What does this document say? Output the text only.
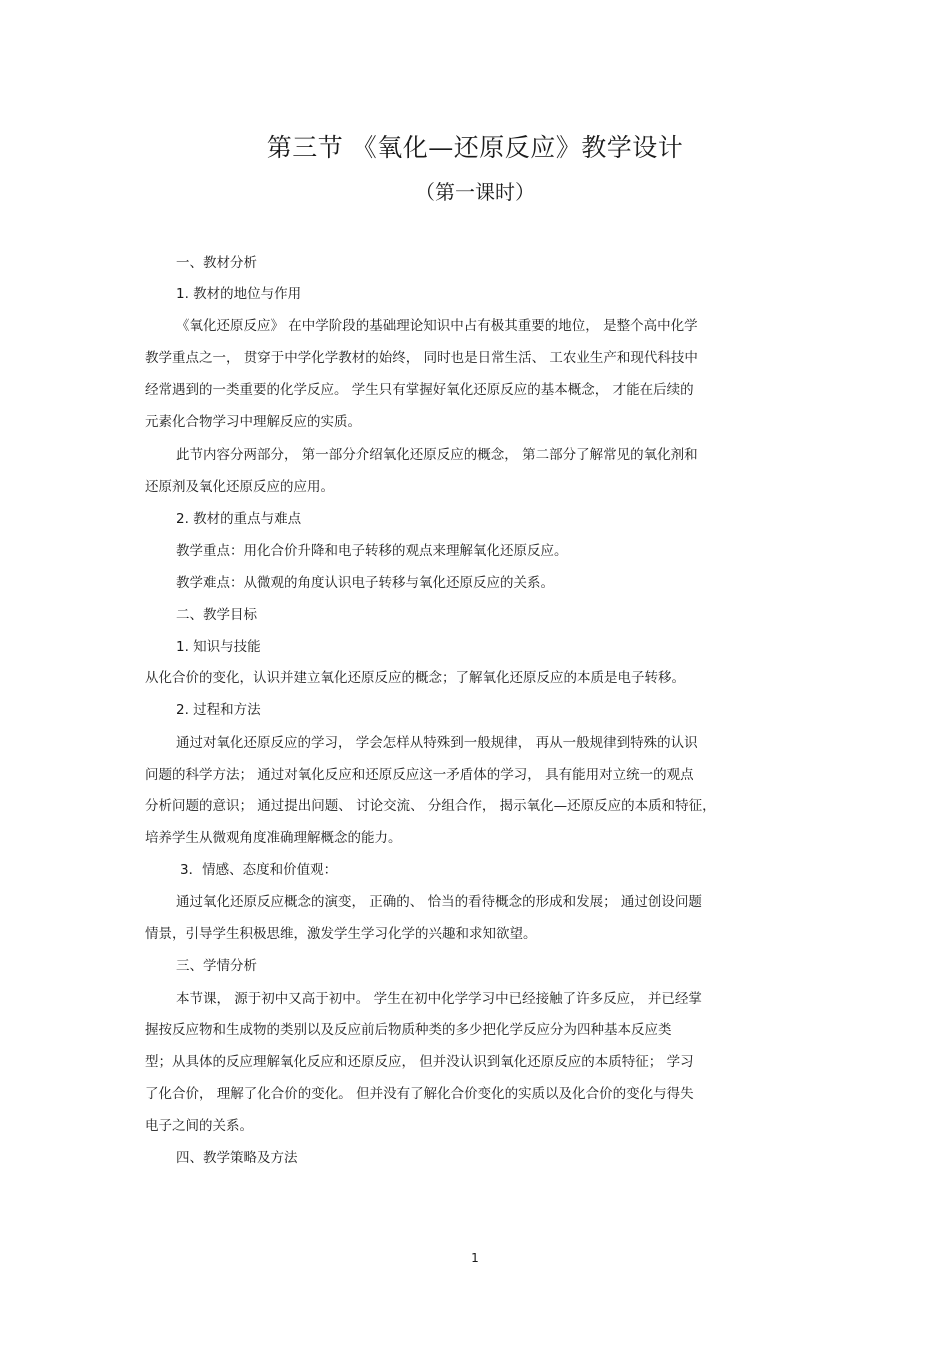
第三节 《氧化—还原反应》教学设计
（第一课时）

一、教材分析

1. 教材的地位与作用

《氧化还原反应》 在中学阶段的基础理论知识中占有极其重要的地位， 是整个高中化学

教学重点之一， 贯穿于中学化学教材的始终， 同时也是日常生活、 工农业生产和现代科技中

经常遇到的一类重要的化学反应。 学生只有掌握好氧化还原反应的基本概念， 才能在后续的

元素化合物学习中理解反应的实质。

此节内容分两部分， 第一部分介绍氧化还原反应的概念， 第二部分了解常见的氧化剂和

还原剂及氧化还原反应的应用。

2. 教材的重点与难点

教学重点：用化合价升降和电子转移的观点来理解氧化还原反应。

教学难点：从微观的角度认识电子转移与氧化还原反应的关系。

二、教学目标

1. 知识与技能

从化合价的变化，认识并建立氧化还原反应的概念；了解氧化还原反应的本质是电子转移。

2. 过程和方法

通过对氧化还原反应的学习， 学会怎样从特殊到一般规律， 再从一般规律到特殊的认识

问题的科学方法； 通过对氧化反应和还原反应这一矛盾体的学习， 具有能用对立统一的观点

分析问题的意识； 通过提出问题、 讨论交流、 分组合作， 揭示氧化—还原反应的本质和特征，

培养学生从微观角度准确理解概念的能力。

3．情感、态度和价值观：

通过氧化还原反应概念的演变， 正确的、 恰当的看待概念的形成和发展； 通过创设问题

情景，引导学生积极思维，激发学生学习化学的兴趣和求知欲望。

三、学情分析

本节课， 源于初中又高于初中。 学生在初中化学学习中已经接触了许多反应， 并已经掌

握按反应物和生成物的类别以及反应前后物质种类的多少把化学反应分为四种基本反应类

型；从具体的反应理解氧化反应和还原反应， 但并没认识到氧化还原反应的本质特征； 学习

了化合价， 理解了化合价的变化。 但并没有了解化合价变化的实质以及化合价的变化与得失

电子之间的关系。

四、教学策略及方法

1
